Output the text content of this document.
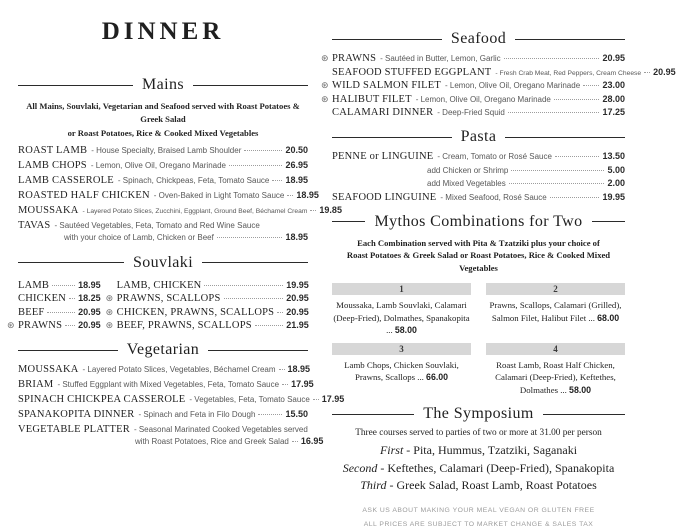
DINNER
Mains
All Mains, Souvlaki, Vegetarian and Seafood served with Roast Potatoes & Greek Salad
or Roast Potatoes, Rice & Cooked Mixed Vegetables
ROAST LAMB - House Specialty, Braised Lamb Shoulder	20.50
LAMB CHOPS - Lemon, Olive Oil, Oregano Marinade	26.95
LAMB CASSEROLE - Spinach, Chickpeas, Feta, Tomato Sauce 18.95
ROASTED HALF CHICKEN - Oven-Baked in Light Tomato Sauce 18.95
MOUSSAKA - Layered Potato Slices, Zucchini, Eggplant, Ground Beef, Béchamel Cream 19.85
TAVAS - Sautéed Vegetables, Feta, Tomato and Red Wine Sauce
with your choice of Lamb, Chicken or Beef	18.95
Souvlaki
LAMB	18.95
CHICKEN 18.25
BEEF	20.95
⊛ PRAWNS 20.95
LAMB, CHICKEN	19.95
⊛ PRAWNS, SCALLOPS	20.95
⊛ CHICKEN, PRAWNS, SCALLOPS 20.95
⊛ BEEF, PRAWNS, SCALLOPS	21.95
Vegetarian
MOUSSAKA - Layered Potato Slices, Vegetables, Béchamel Cream 18.95
BRIAM - Stuffed Eggplant with Mixed Vegetables, Feta, Tomato Sauce 17.95
SPINACH CHICKPEA CASSEROLE - Vegetables, Feta, Tomato Sauce 17.95
SPANAKOPITA DINNER - Spinach and Feta in Filo Dough	15.50
VEGETABLE PLATTER - Seasonal Marinated Cooked Vegetables served
with Roast Potatoes, Rice and Greek Salad 16.95
Seafood
⊛ PRAWNS - Sautéed in Butter, Lemon, Garlic	20.95
SEAFOOD STUFFED EGGPLANT - Fresh Crab Meat, Red Peppers, Cream Cheese 20.95
⊛ WILD SALMON FILET - Lemon, Olive Oil, Oregano Marinade 23.00
⊛ HALIBUT FILET - Lemon, Olive Oil, Oregano Marinade	28.00
CALAMARI DINNER - Deep-Fried Squid	17.25
Pasta
PENNE or LINGUINE - Cream, Tomato or Rosé Sauce	13.50
add Chicken or Shrimp	5.00
add Mixed Vegetables	2.00
SEAFOOD LINGUINE - Mixed Seafood, Rosé Sauce	19.95
Mythos Combinations for Two
Each Combination served with Pita & Tzatziki plus your choice of
Roast Potatoes & Greek Salad or Roast Potatoes, Rice & Cooked Mixed Vegetables
1
Moussaka, Lamb Souvlaki, Calamari (Deep-Fried), Dolmathes, Spanakopita ... 58.00
2
Prawns, Scallops, Calamari (Grilled), Salmon Filet, Halibut Filet ... 68.00
3
Lamb Chops, Chicken Souvlaki, Prawns, Scallops ... 66.00
4
Roast Lamb, Roast Half Chicken, Calamari (Deep-Fried), Keftethes, Dolmathes ... 58.00
The Symposium
Three courses served to parties of two or more at 31.00 per person
First - Pita, Hummus, Tzatziki, Saganaki
Second - Keftethes, Calamari (Deep-Fried), Spanakopita
Third - Greek Salad, Roast Lamb, Roast Potatoes
ASK US ABOUT MAKING YOUR MEAL VEGAN OR GLUTEN FREE
ALL PRICES ARE SUBJECT TO MARKET CHANGE & SALES TAX
